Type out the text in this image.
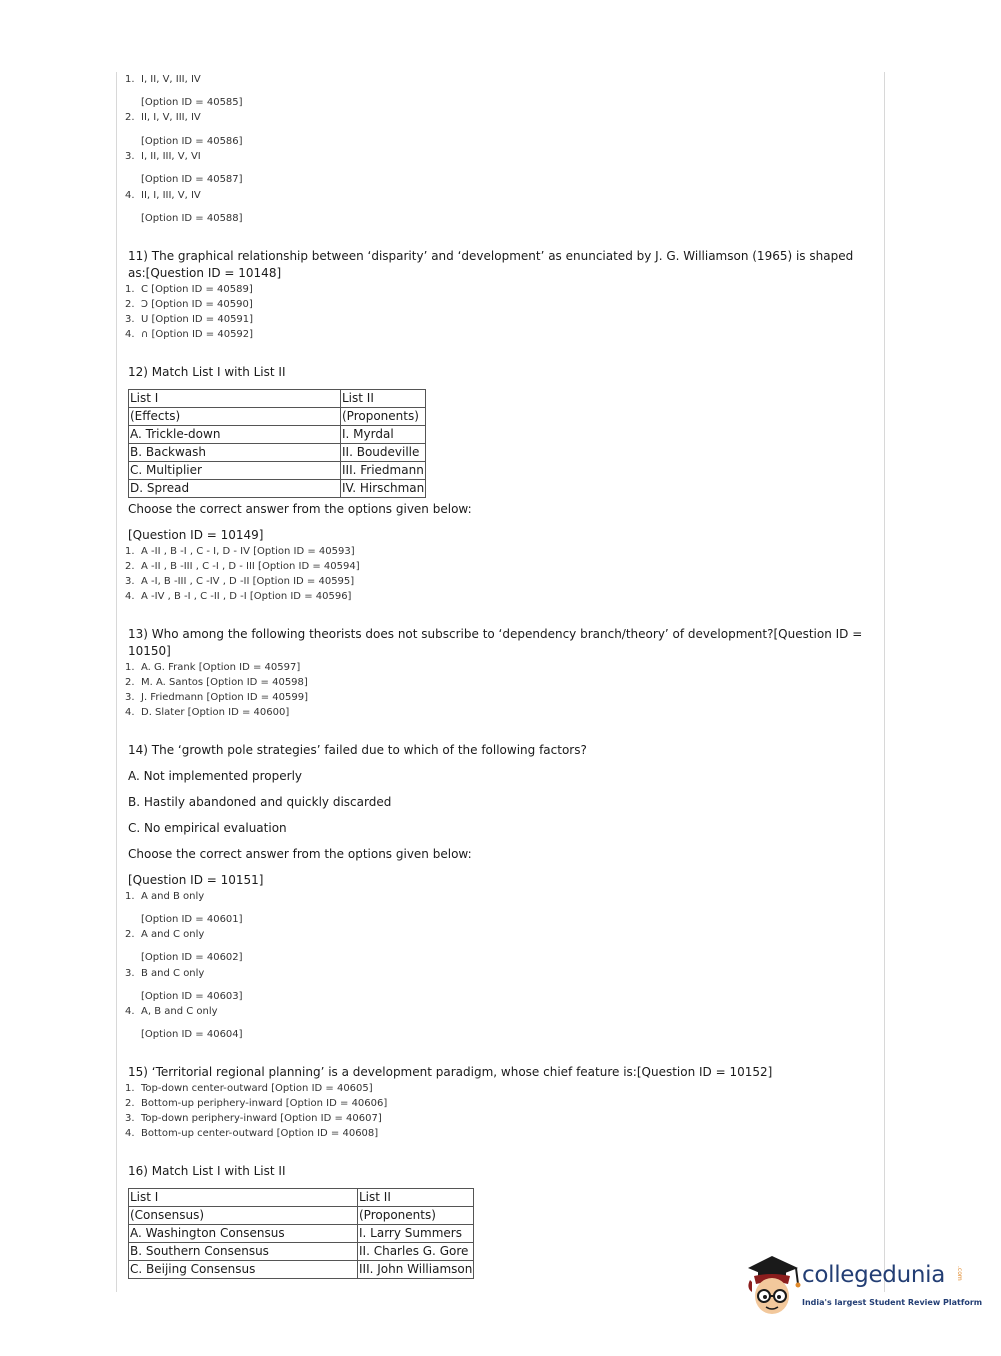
1. I, II, V, III, IV
[Option ID = 40585]
2. II, I, V, III, IV
[Option ID = 40586]
3. I, II, III, V, VI
[Option ID = 40587]
4. II, I, III, V, IV
[Option ID = 40588]
11) The graphical relationship between ‘disparity’ and ‘development’ as enunciated by J. G. Williamson (1965) is shaped
as:[Question ID = 10148]
1. C [Option ID = 40589]
2. Ↄ [Option ID = 40590]
3. U [Option ID = 40591]
4. ∩ [Option ID = 40592]
12) Match List I with List II
List I	List II
(Effects)	(Proponents)
A. Trickle-down	I. Myrdal
B. Backwash	II. Boudeville
C. Multiplier	III. Friedmann
D. Spread	IV. Hirschman
Choose the correct answer from the options given below:
[Question ID = 10149]
1. A -II , B -I , C - I, D - IV [Option ID = 40593]
2. A -II , B -III , C -I , D - III [Option ID = 40594]
3. A -I, B -III , C -IV , D -II [Option ID = 40595]
4. A -IV , B -I , C -II , D -I [Option ID = 40596]
13) Who among the following theorists does not subscribe to ‘dependency branch/theory’ of development?[Question ID =
10150]
1. A. G. Frank [Option ID = 40597]
2. M. A. Santos [Option ID = 40598]
3. J. Friedmann [Option ID = 40599]
4. D. Slater [Option ID = 40600]
14) The ‘growth pole strategies’ failed due to which of the following factors?
A. Not implemented properly
B. Hastily abandoned and quickly discarded
C. No empirical evaluation
Choose the correct answer from the options given below:
[Question ID = 10151]
1. A and B only
[Option ID = 40601]
2. A and C only
[Option ID = 40602]
3. B and C only
[Option ID = 40603]
4. A, B and C only
[Option ID = 40604]
15) ‘Territorial regional planning’ is a development paradigm, whose chief feature is:[Question ID = 10152]
1. Top-down center-outward [Option ID = 40605]
2. Bottom-up periphery-inward [Option ID = 40606]
3. Top-down periphery-inward [Option ID = 40607]
4. Bottom-up center-outward [Option ID = 40608]
16) Match List I with List II
List I	List II
(Consensus)	(Proponents)
A. Washington Consensus	I. Larry Summers
B. Southern Consensus	II. Charles G. Gore
C. Beijing Consensus	III. John Williamson	collegedunia .com
India's largest Student Review Platform
